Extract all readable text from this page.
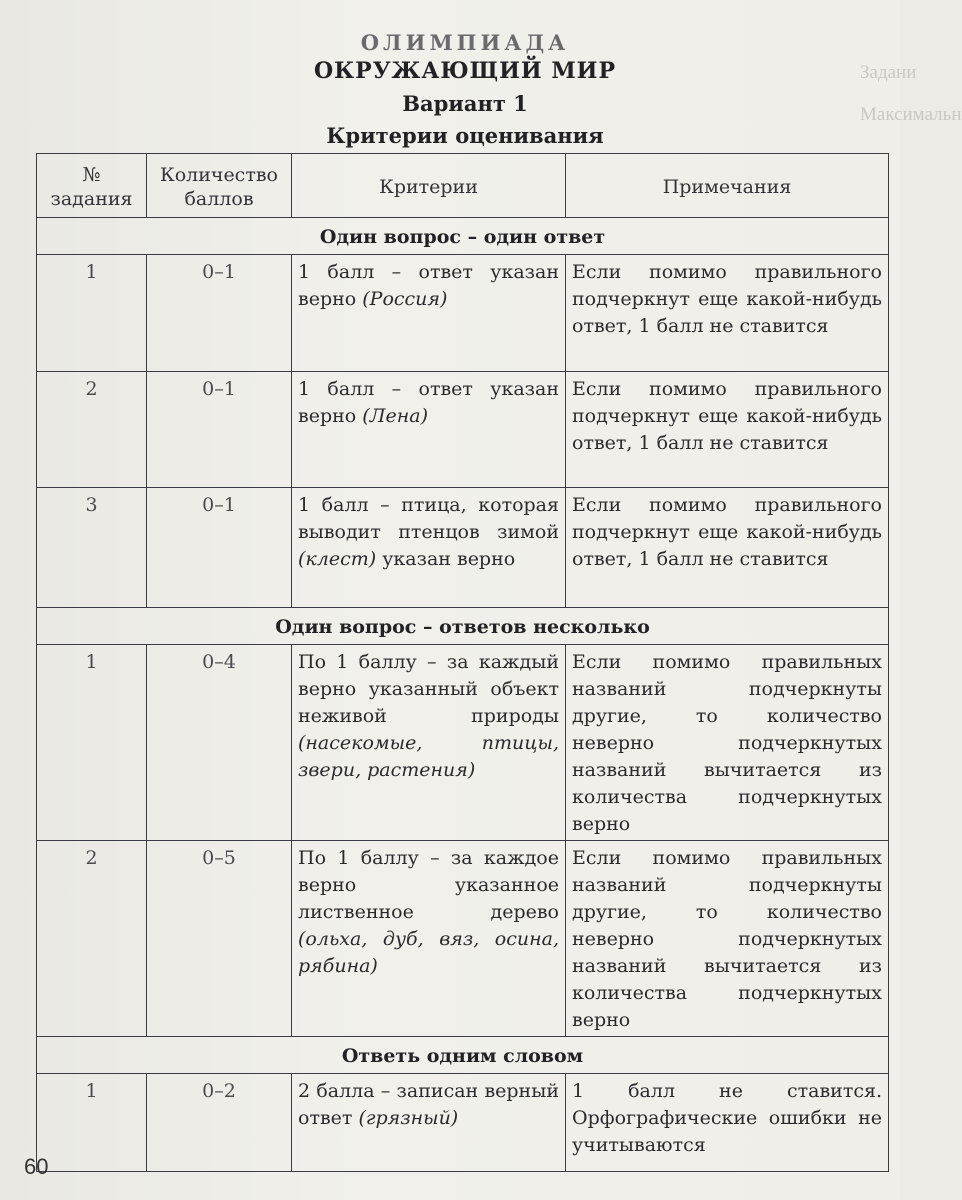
Задани
Максимальн
ОЛИМПИАДА
ОКРУЖАЮЩИЙ МИР
Вариант 1
Критерии оценивания
№ задания	Количество баллов	Критерии	Примечания
Один вопрос – один ответ			
1	0–1	1 балл – ответ указан верно (Россия)	Если помимо правильного подчеркнут еще какой-нибудь ответ, 1 балл не ставится
2	0–1	1 балл – ответ указан верно (Лена)	Если помимо правильного подчеркнут еще какой-нибудь ответ, 1 балл не ставится
3	0–1	1 балл – птица, которая выводит птенцов зимой (клест) указан верно	Если помимо правильного подчеркнут еще какой-нибудь ответ, 1 балл не ставится
Один вопрос – ответов несколько			
1	0–4	По 1 баллу – за каждый верно указанный объект неживой природы (насекомые, птицы, звери, растения)	Если помимо правильных названий подчеркнуты другие, то количество неверно подчеркнутых названий вычитается из количества подчеркнутых верно
2	0–5	По 1 баллу – за каждое верно указанное лиственное дерево (ольха, дуб, вяз, осина, рябина)	Если помимо правильных названий подчеркнуты другие, то количество неверно подчеркнутых названий вычитается из количества подчеркнутых верно
Ответь одним словом			
1	0–2	2 балла – записан верный ответ (грязный)	1 балл не ставится. Орфографические ошибки не учитываются
60
